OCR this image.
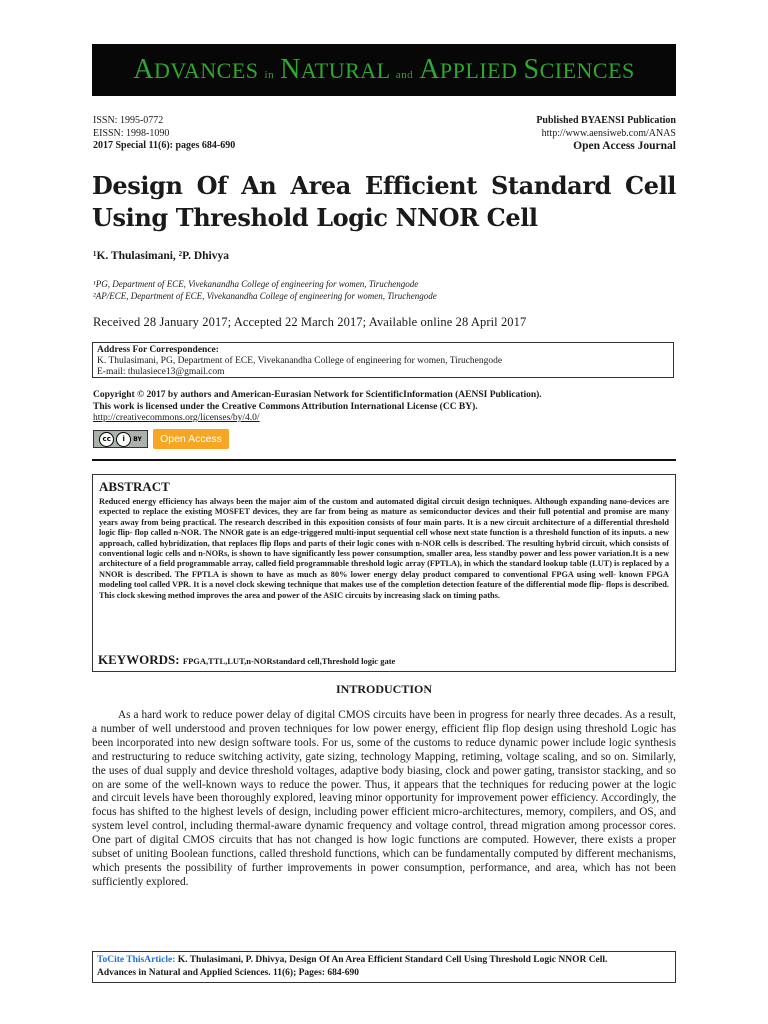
ADVANCES in NATURAL and APPLIED SCIENCES
ISSN: 1995-0772
EISSN: 1998-1090
2017 Special 11(6): pages 684-690
Published BYAENSI Publication
http://www.aensiweb.com/ANAS
Open Access Journal
Design Of An Area Efficient Standard Cell Using Threshold Logic NNOR Cell
¹K. Thulasimani, ²P. Dhivya
¹PG, Department of ECE, Vivekanandha College of engineering for women, Tiruchengode
²AP/ECE, Department of ECE, Vivekanandha College of engineering for women, Tiruchengode
Received 28 January 2017; Accepted 22 March 2017; Available online 28 April 2017
Address For Correspondence:
K. Thulasimani, PG, Department of ECE, Vivekanandha College of engineering for women, Tiruchengode
E-mail: thulasiece13@gmail.com
Copyright © 2017 by authors and American-Eurasian Network for ScientificInformation (AENSI Publication).
This work is licensed under the Creative Commons Attribution International License (CC BY).
http://creativecommons.org/licenses/by/4.0/
cc	i	BY	Open Access
ABSTRACT
Reduced energy efficiency has always been the major aim of the custom and automated digital circuit design techniques. Although expanding nano-devices are expected to replace the existing MOSFET devices, they are far from being as mature as semiconductor devices and their full potential and promise are many years away from being practical. The research described in this exposition consists of four main parts. It is a new circuit architecture of a differential threshold logic flip- flop called n-NOR. The NNOR gate is an edge-triggered multi-input sequential cell whose next state function is a threshold function of its inputs. a new approach, called hybridization, that replaces flip flops and parts of their logic cones with n-NOR cells is described. The resulting hybrid circuit, which consists of conventional logic cells and n-NORs, is shown to have significantly less power consumption, smaller area, less standby power and less power variation.It is a new architecture of a field programmable array, called field programmable threshold logic array (FPTLA), in which the standard lookup table (LUT) is replaced by a NNOR is described. The FPTLA is shown to have as much as 80% lower energy delay product compared to conventional FPGA using well- known FPGA modeling tool called VPR. It is a novel clock skewing technique that makes use of the completion detection feature of the differential mode flip- flops is described. This clock skewing method improves the area and power of the ASIC circuits by increasing slack on timing paths.
KEYWORDS: FPGA,TTL,LUT,n-NORstandard cell,Threshold logic gate
INTRODUCTION

As a hard work to reduce power delay of digital CMOS circuits have been in progress for nearly three decades. As a result, a number of well understood and proven techniques for low power energy, efficient flip flop design using threshold Logic has been incorporated into new design software tools. For us, some of the customs to reduce dynamic power include logic synthesis and restructuring to reduce switching activity, gate sizing, technology Mapping, retiming, voltage scaling, and so on. Similarly, the uses of dual supply and device threshold voltages, adaptive body biasing, clock and power gating, transistor stacking, and so on are some of the well-known ways to reduce the power. Thus, it appears that the techniques for reducing power at the logic and circuit levels have been thoroughly explored, leaving minor opportunity for improvement power efficiency. Accordingly, the focus has shifted to the highest levels of design, including power efficient micro-architectures, memory, compilers, and OS, and system level control, including thermal-aware dynamic frequency and voltage control, thread migration among processor cores. One part of digital CMOS circuits that has not changed is how logic functions are computed. However, there exists a proper subset of uniting Boolean functions, called threshold functions, which can be fundamentally computed by different mechanisms, which presents the possibility of further improvements in power consumption, performance, and area, which has not been sufficiently explored.

ToCite ThisArticle: K. Thulasimani, P. Dhivya, Design Of An Area Efficient Standard Cell Using Threshold Logic NNOR Cell.
Advances in Natural and Applied Sciences. 11(6); Pages: 684-690
